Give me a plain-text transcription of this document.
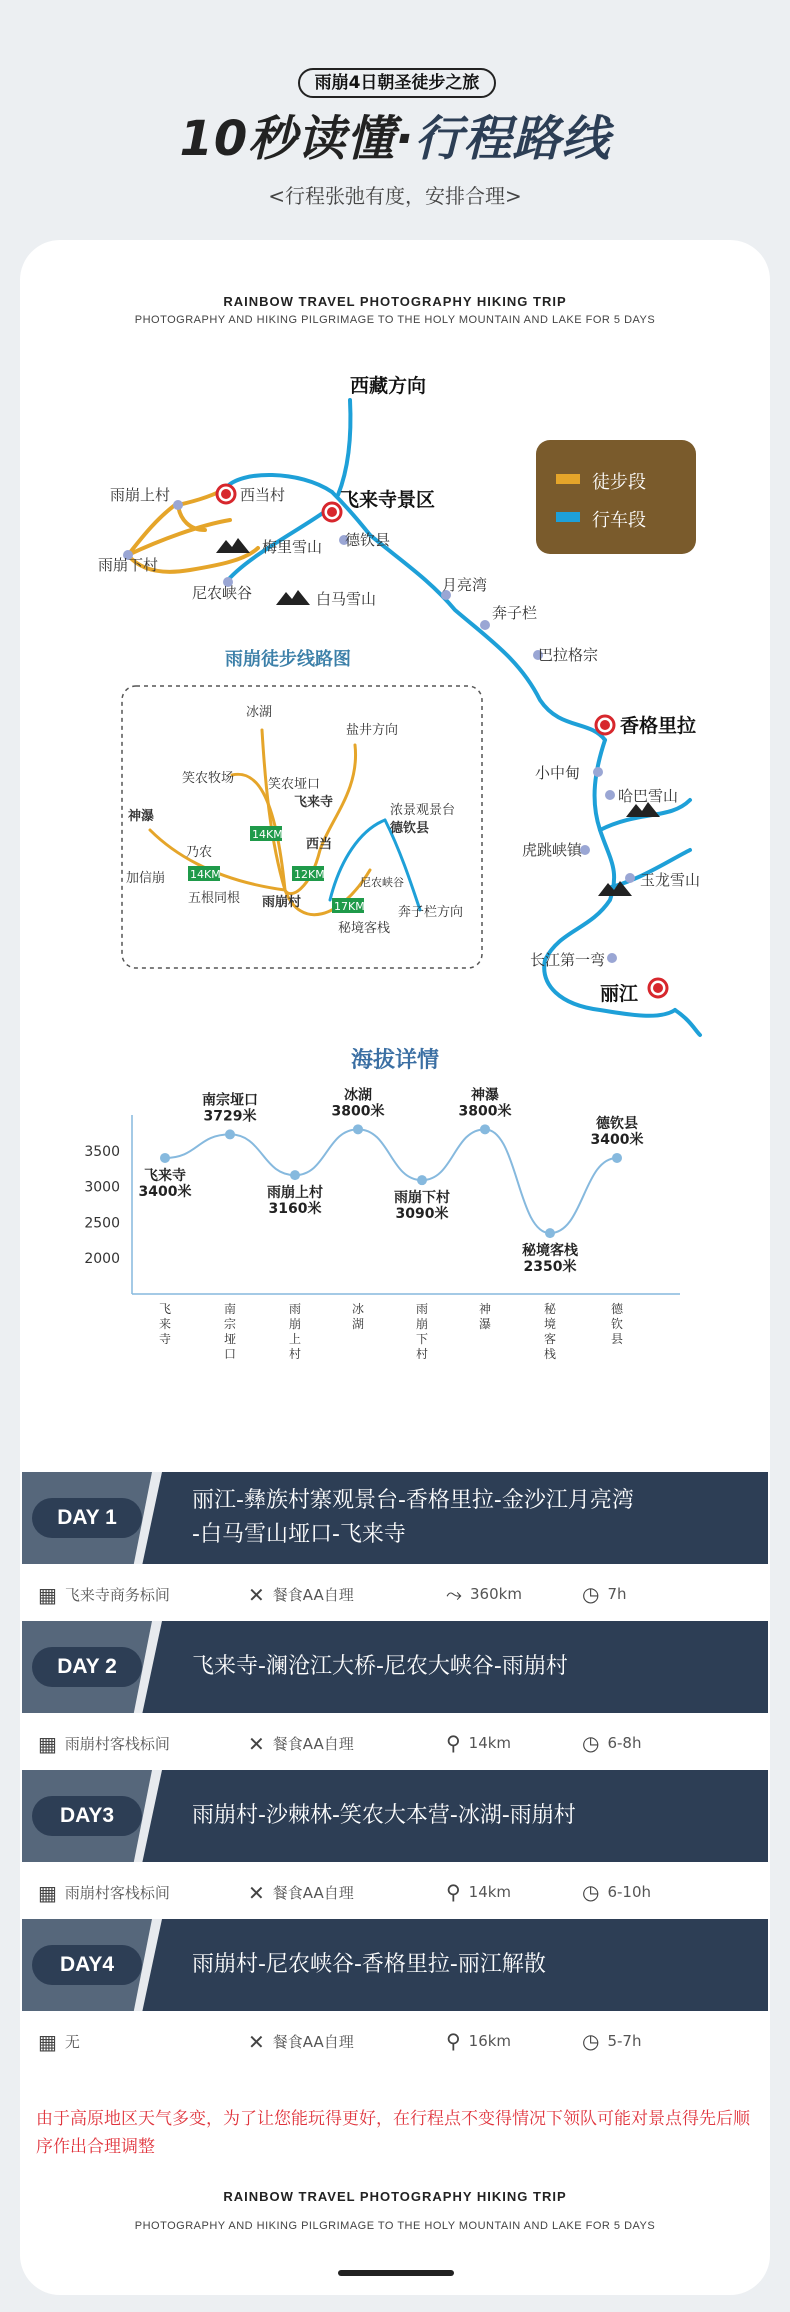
雨崩4日朝圣徒步之旅
10秒读懂·行程路线
<行程张弛有度，安排合理>
RAINBOW TRAVEL PHOTOGRAPHY HIKING TRIP
PHOTOGRAPHY AND HIKING PILGRIMAGE TO THE HOLY MOUNTAIN AND LAKE FOR 5 DAYS
西藏方向
飞来寺景区
西当村
雨崩上村
雨崩下村
梅里雪山 德钦县
尼农峡谷	白马雪山
月亮湾
奔子栏
巴拉格宗
香格里拉
小中甸
哈巴雪山
虎跳峡镇
玉龙雪山
长江第一弯
丽江
徒步段
行车段
雨崩徒步线路图
冰湖
盐井方向
笑农牧场	笑农垭口
飞来寺
神瀑
乃农
加信崩
五根同根
西当
雨崩村
浓景观景台
德钦县
尼农峡谷
秘境客栈
奔子栏方向
14KM
14KM	12KM
17KM
海拔详情
2000
2500
3000
3500
飞来寺
3400米
南宗垭口
3729米
雨崩上村
3160米
冰湖
3800米
雨崩下村
3090米
神瀑
3800米
秘境客栈
2350米
德钦县
3400米
飞来寺
南宗垭口
雨崩上村
冰湖
雨崩下村
神瀑
秘境客栈
德钦县
DAY 1
丽江-彝族村寨观景台-香格里拉-金沙江月亮湾
-白马雪山垭口-飞来寺
▦ 飞来寺商务标间	✕ 餐食AA自理	⤳ 360km	◷ 7h
DAY 2	飞来寺-澜沧江大桥-尼农大峡谷-雨崩村
▦ 雨崩村客栈标间	✕ 餐食AA自理	⚲ 14km	◷ 6-8h
DAY3	雨崩村-沙棘林-笑农大本营-冰湖-雨崩村
▦ 雨崩村客栈标间	✕ 餐食AA自理	⚲ 14km	◷ 6-10h
DAY4	雨崩村-尼农峡谷-香格里拉-丽江解散
▦ 无	✕ 餐食AA自理	⚲ 16km	◷ 5-7h
由于高原地区天气多变，为了让您能玩得更好，在行程点不变得情况下领队可能对景点得先后顺序作出合理调整
RAINBOW TRAVEL PHOTOGRAPHY HIKING TRIP
PHOTOGRAPHY AND HIKING PILGRIMAGE TO THE HOLY MOUNTAIN AND LAKE FOR 5 DAYS
